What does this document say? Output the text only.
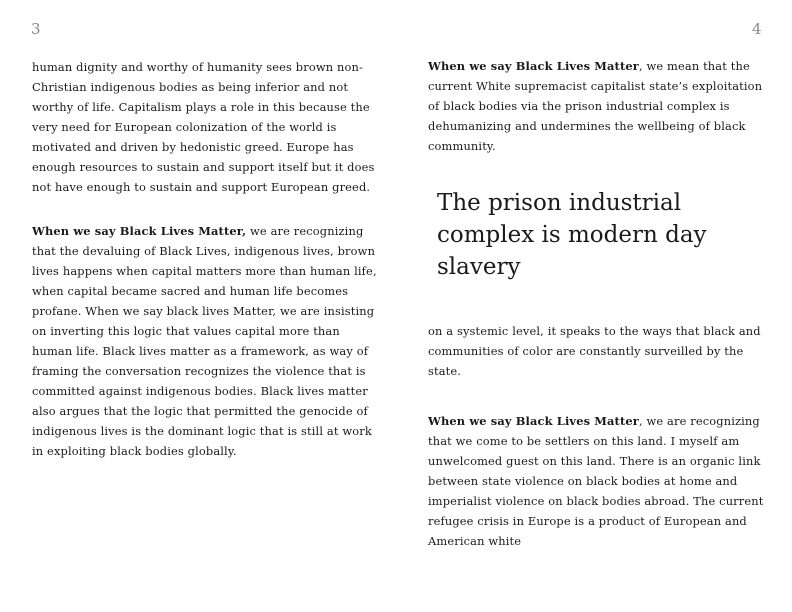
3	4

human dignity and worthy of humanity sees brown non-Christian indigenous bodies as being inferior and not worthy of life. Capitalism plays a role in this because the very need for European colonization of the world is motivated and driven by hedonistic greed. Europe has enough resources to sustain and support itself but it does not have enough to sustain and support European greed.

When we say Black Lives Matter, we are recognizing that the devaluing of Black Lives, indigenous lives, brown lives happens when capital matters more than human life, when capital became sacred and human life becomes profane. When we say black lives Matter, we are insisting on inverting this logic that values capital more than human life. Black lives matter as a framework, as way of framing the conversation recognizes the violence that is committed against indigenous bodies. Black lives matter also argues that the logic that permitted the genocide of indigenous lives is the dominant logic that is still at work in exploiting black bodies globally.

When we say Black Lives Matter, we mean that the current White supremacist capitalist state’s exploitation of black bodies via the prison industrial complex is dehumanizing and undermines the wellbeing of black community.

The prison industrial complex is modern day slavery

on a systemic level, it speaks to the ways that black and communities of color are constantly surveilled by the state.

When we say Black Lives Matter, we are recognizing that we come to be settlers on this land. I myself am unwelcomed guest on this land. There is an organic link between state violence on black bodies at home and imperialist violence on black bodies abroad. The current refugee crisis in Europe is a product of European and American white
